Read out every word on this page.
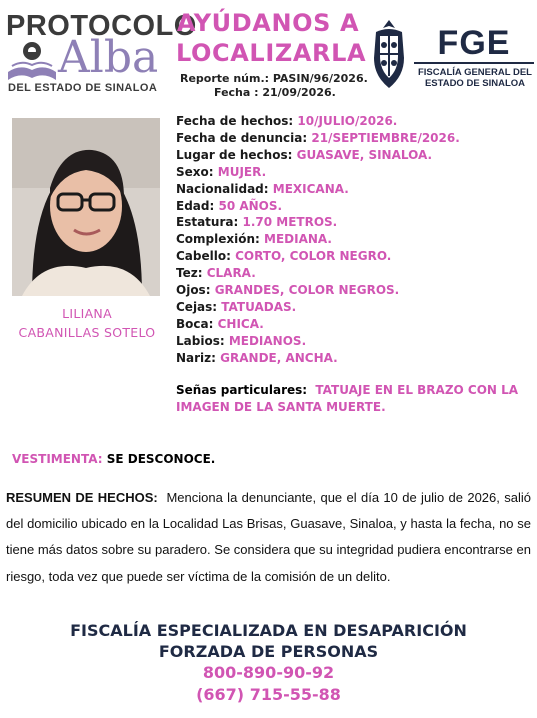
PROTOCOLO
Alba
DEL ESTADO DE SINALOA
AYÚDANOS A
LOCALIZARLA
Reporte núm.: PASIN/96/2026.
Fecha : 21/09/2026.
FGE
FISCALÍA GENERAL DEL
ESTADO DE SINALOA
LILIANA
CABANILLAS SOTELO
Fecha de hechos: 10/JULIO/2026.
Fecha de denuncia: 21/SEPTIEMBRE/2026.
Lugar de hechos: GUASAVE, SINALOA.
Sexo: MUJER.
Nacionalidad: MEXICANA.
Edad: 50 AÑOS.
Estatura: 1.70 METROS.
Complexión: MEDIANA.
Cabello: CORTO, COLOR NEGRO.
Tez: CLARA.
Ojos: GRANDES, COLOR NEGROS.
Cejas: TATUADAS.
Boca: CHICA.
Labios: MEDIANOS.
Nariz: GRANDE, ANCHA.
Señas particulares: TATUAJE EN EL BRAZO CON LA IMAGEN DE LA SANTA MUERTE.
VESTIMENTA: SE DESCONOCE.
RESUMEN DE HECHOS: Menciona la denunciante, que el día 10 de julio de 2026, salió del domicilio ubicado en la Localidad Las Brisas, Guasave, Sinaloa, y hasta la fecha, no se tiene más datos sobre su paradero. Se considera que su integridad pudiera encontrarse en riesgo, toda vez que puede ser víctima de la comisión de un delito.
FISCALÍA ESPECIALIZADA EN DESAPARICIÓN
FORZADA DE PERSONAS
800-890-90-92
(667) 715-55-88
